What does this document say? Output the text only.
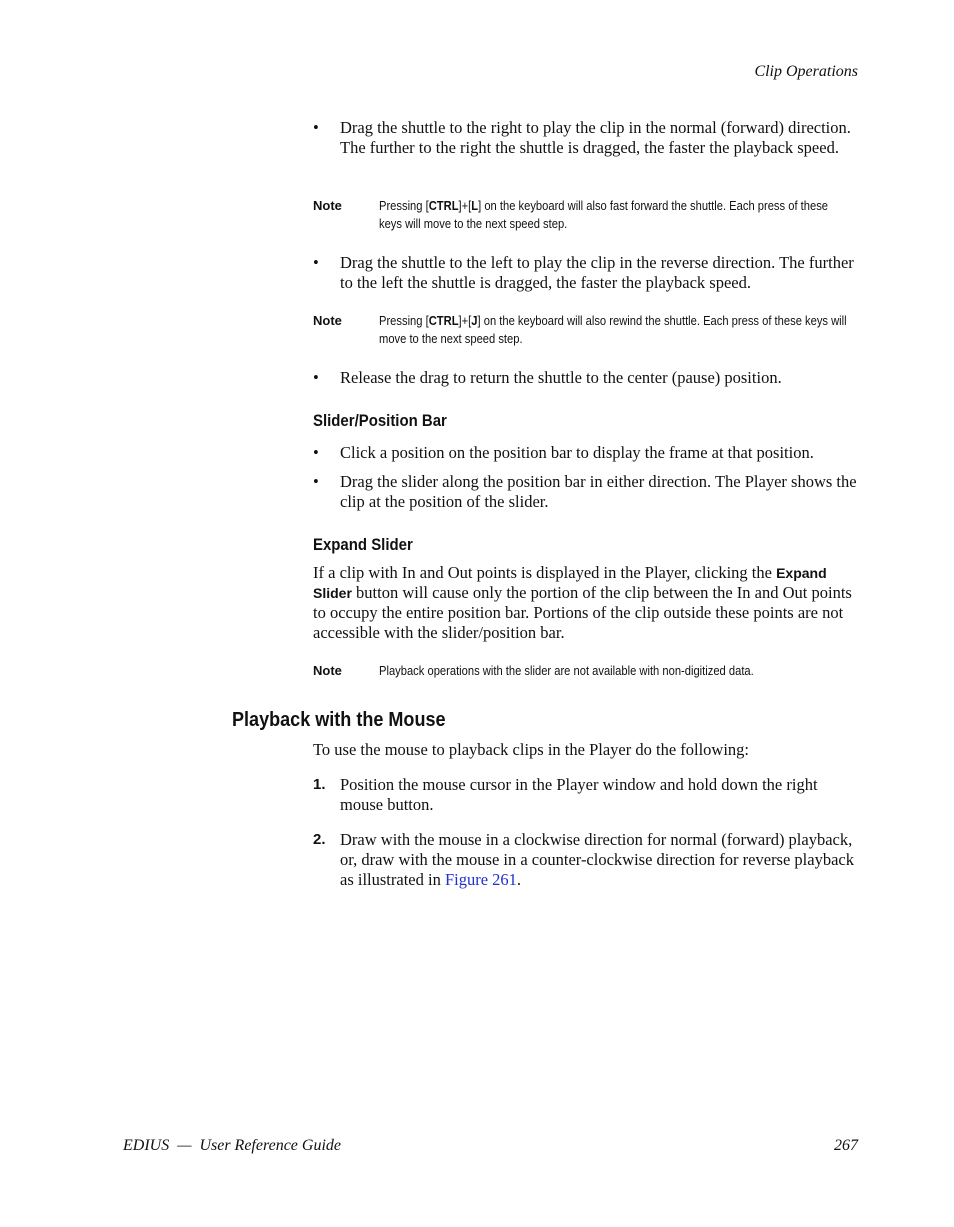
Clip Operations
• Drag the shuttle to the right to play the clip in the normal (forward) direction. The further to the right the shuttle is dragged, the faster the playback speed.
Note	Pressing [CTRL]+[L] on the keyboard will also fast forward the shuttle. Each press of these keys will move to the next speed step.
• Drag the shuttle to the left to play the clip in the reverse direction. The further to the left the shuttle is dragged, the faster the playback speed.
Note	Pressing [CTRL]+[J] on the keyboard will also rewind the shuttle. Each press of these keys will move to the next speed step.
• Release the drag to return the shuttle to the center (pause) position.
Slider/Position Bar
• Click a position on the position bar to display the frame at that position.
• Drag the slider along the position bar in either direction. The Player shows the clip at the position of the slider.
Expand Slider
If a clip with In and Out points is displayed in the Player, clicking the Expand Slider button will cause only the portion of the clip between the In and Out points to occupy the entire position bar. Portions of the clip outside these points are not accessible with the slider/position bar.
Note	Playback operations with the slider are not available with non-digitized data.
Playback with the Mouse
To use the mouse to playback clips in the Player do the following:
1. Position the mouse cursor in the Player window and hold down the right mouse button.
2. Draw with the mouse in a clockwise direction for normal (forward) playback, or, draw with the mouse in a counter-clockwise direction for reverse playback as illustrated in Figure 261.
EDIUS  —  User Reference Guide	267
